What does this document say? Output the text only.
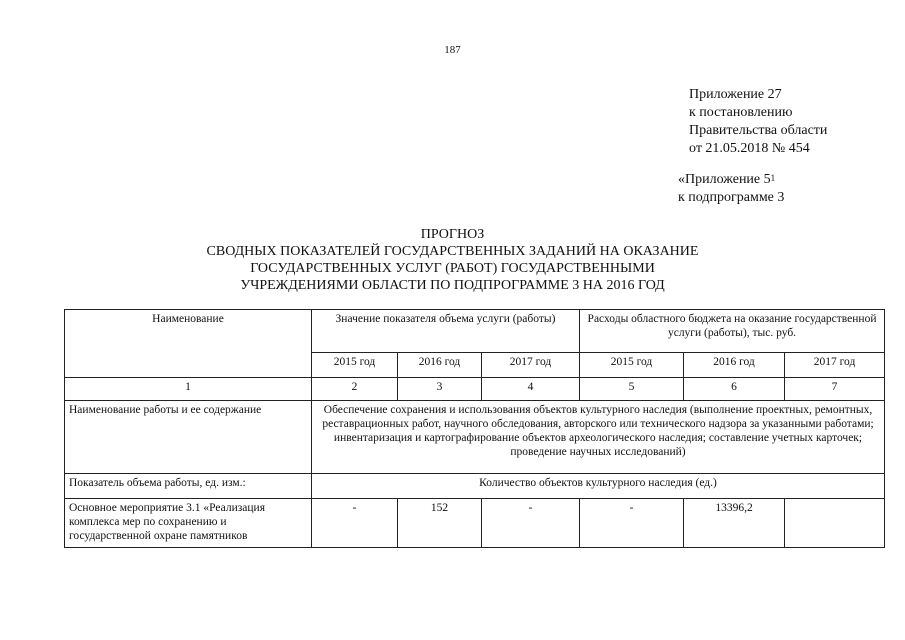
187
Приложение 27
к постановлению
Правительства области
от 21.05.2018 № 454
«Приложение $5^1$
к подпрограмме 3
ПРОГНОЗ
СВОДНЫХ ПОКАЗАТЕЛЕЙ ГОСУДАРСТВЕННЫХ ЗАДАНИЙ НА ОКАЗАНИЕ
ГОСУДАРСТВЕННЫХ УСЛУГ (РАБОТ) ГОСУДАРСТВЕННЫМИ
УЧРЕЖДЕНИЯМИ ОБЛАСТИ ПО ПОДПРОГРАММЕ 3 НА 2016 ГОД
Наименование	Значение показателя объема услуги (работы)			Расходы областного бюджета на оказание государственной услуги (работы), тыс. руб.		
	2015 год	2016 год	2017 год	2015 год	2016 год	2017 год
1	2	3	4	5	6	7
Наименование работы и ее содержание	Обеспечение сохранения и использования объектов культурного наследия (выполнение проектных, ремонтных, реставрационных работ, научного обследования, авторского или технического надзора за указанными работами; инвентаризация и картографирование объектов археологического наследия; составление учетных карточек; проведение научных исследований)					
Показатель объема работы, ед. изм.:	Количество объектов культурного наследия (ед.)					
Основное мероприятие 3.1 «Реализация комплекса мер по сохранению и государственной охране памятников	-	152	-	-	13396,2	
